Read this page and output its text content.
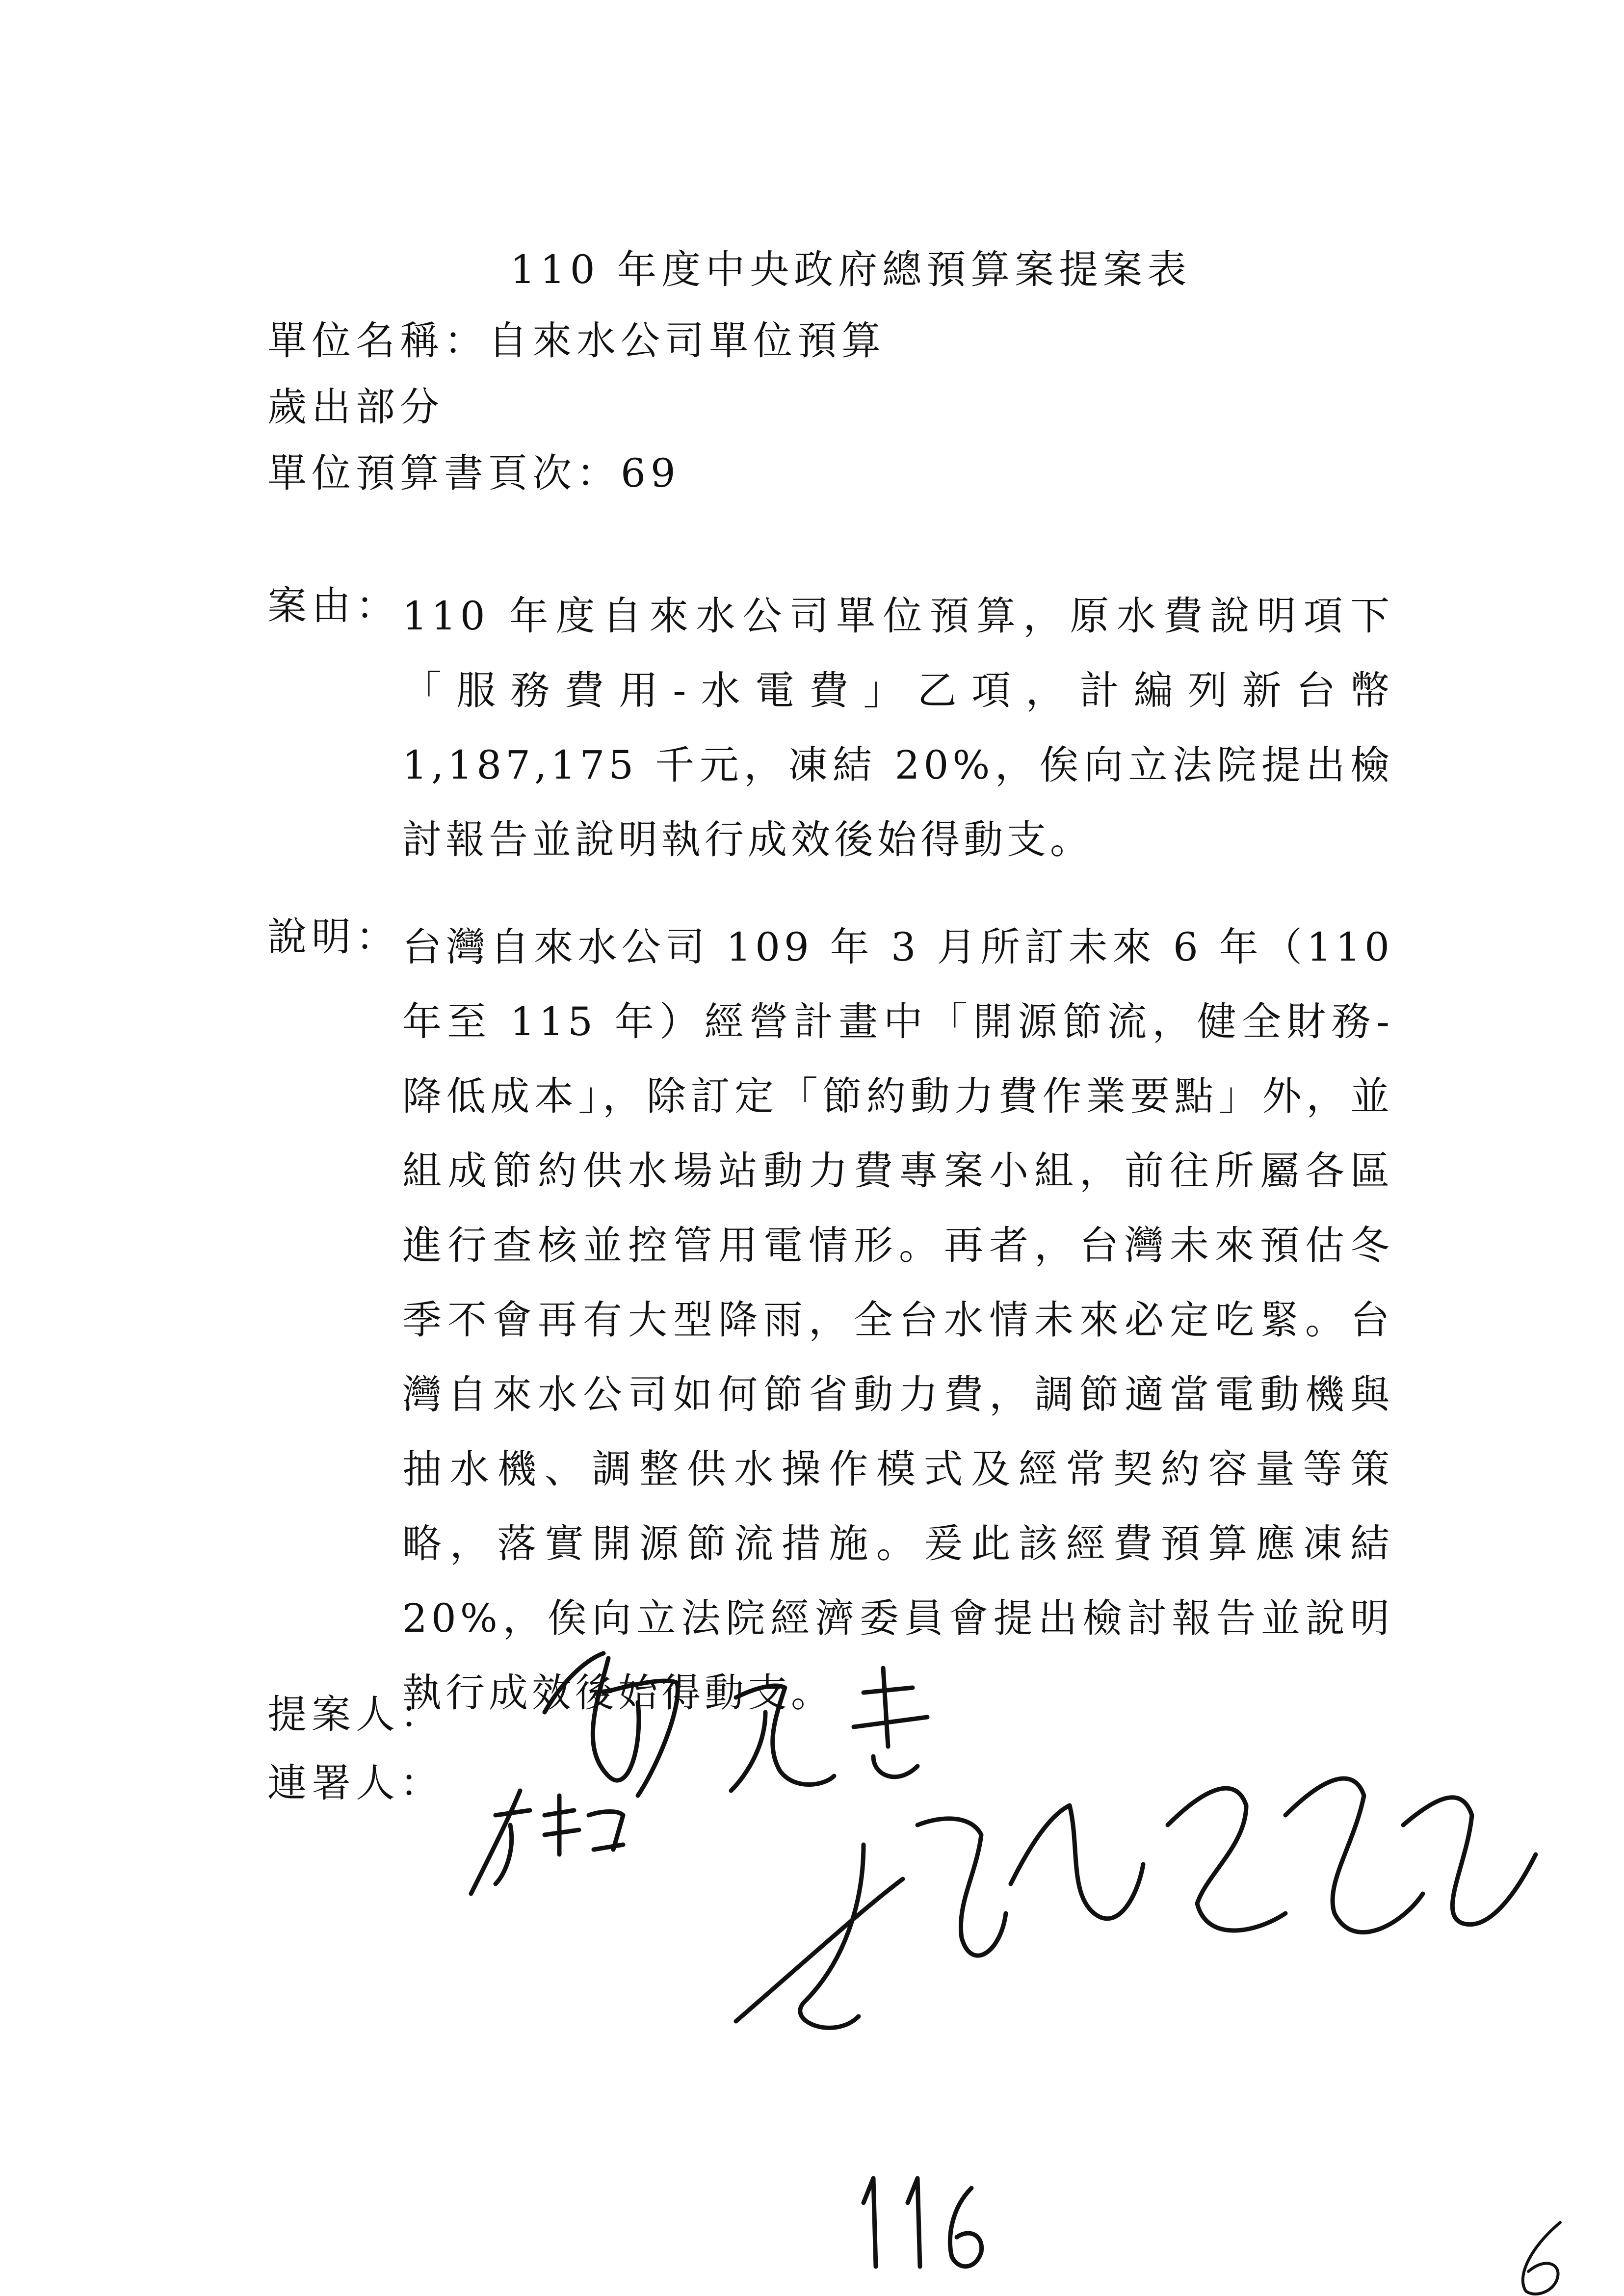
110 年度中央政府總預算案提案表
單位名稱：自來水公司單位預算
歲出部分
單位預算書頁次：69
案由： 110 年度自來水公司單位預算，原水費說明項下「服務費用-水電費」乙項，計編列新台幣 1,187,175 千元，凍結 20%，俟向立法院提出檢討報告並說明執行成效後始得動支。
說明： 台灣自來水公司 109 年 3 月所訂未來 6 年（110 年至 115 年）經營計畫中「開源節流，健全財務-降低成本」，除訂定「節約動力費作業要點」外，並組成節約供水場站動力費專案小組，前往所屬各區進行查核並控管用電情形。再者，台灣未來預估冬季不會再有大型降雨，全台水情未來必定吃緊。台灣自來水公司如何節省動力費，調節適當電動機與抽水機、調整供水操作模式及經常契約容量等策略，落實開源節流措施。爰此該經費預算應凍結 20%，俟向立法院經濟委員會提出檢討報告並說明執行成效後始得動支。
提案人：
連署人：
